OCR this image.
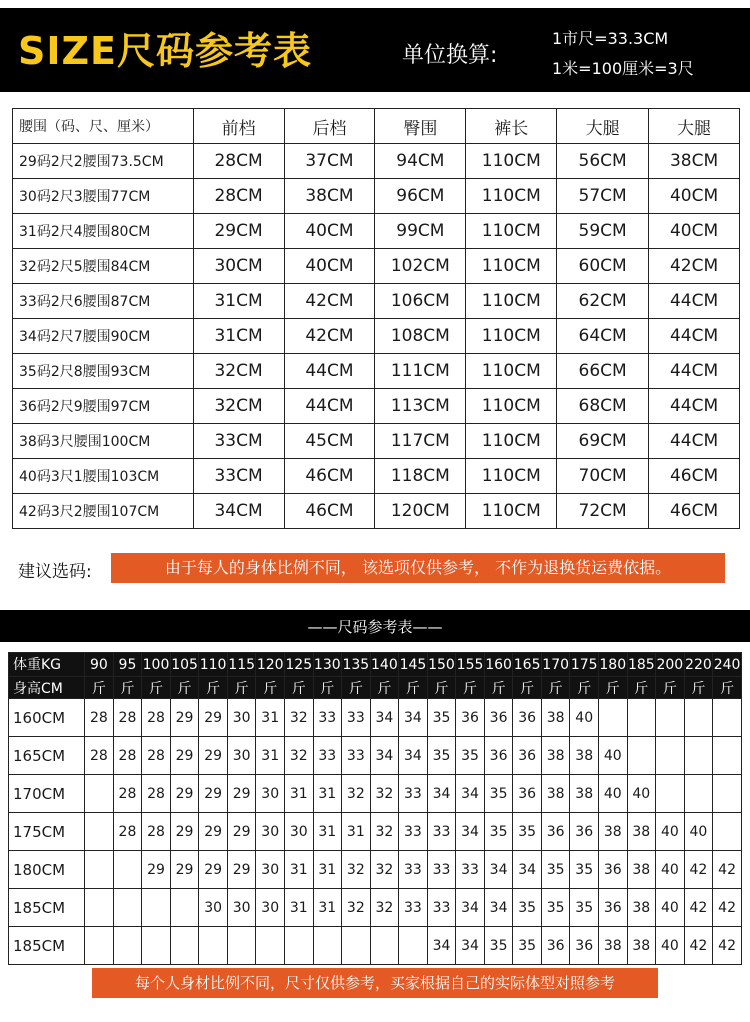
SIZE尺码参考表	单位换算:
1市尺=33.3CM
1米=100厘米=3尺
腰围（码、尺、厘米）	前档	后档	臀围	裤长	大腿	大腿
29码2尺2腰围73.5CM	28CM	37CM	94CM	110CM	56CM	38CM
30码2尺3腰围77CM	28CM	38CM	96CM	110CM	57CM	40CM
31码2尺4腰围80CM	29CM	40CM	99CM	110CM	59CM	40CM
32码2尺5腰围84CM	30CM	40CM	102CM	110CM	60CM	42CM
33码2尺6腰围87CM	31CM	42CM	106CM	110CM	62CM	44CM
34码2尺7腰围90CM	31CM	42CM	108CM	110CM	64CM	44CM
35码2尺8腰围93CM	32CM	44CM	111CM	110CM	66CM	44CM
36码2尺9腰围97CM	32CM	44CM	113CM	110CM	68CM	44CM
38码3尺腰围100CM	33CM	45CM	117CM	110CM	69CM	44CM
40码3尺1腰围103CM	33CM	46CM	118CM	110CM	70CM	46CM
42码3尺2腰围107CM	34CM	46CM	120CM	110CM	72CM	46CM
建议选码:	由于每人的身体比例不同， 该选项仅供参考， 不作为退换货运费依据。
——尺码参考表——
体重KG	90	95	100	105	110	115	120	125	130	135	140	145	150	155	160	165	170	175	180	185	200	220	240
身高CM	斤	斤	斤	斤	斤	斤	斤	斤	斤	斤	斤	斤	斤	斤	斤	斤	斤	斤	斤	斤	斤	斤	斤
160CM	28	28	28	29	29	30	31	32	33	33	34	34	35	36	36	36	38	40					
165CM	28	28	28	29	29	30	31	32	33	33	34	34	35	35	36	36	38	38	40				
170CM		28	28	29	29	29	30	31	31	32	32	33	34	34	35	36	38	38	40	40			
175CM		28	28	29	29	29	30	30	31	31	32	33	33	34	35	35	36	36	38	38	40	40	
180CM			29	29	29	29	30	31	31	32	32	33	33	33	34	34	35	35	36	38	40	42	42
185CM					30	30	30	31	31	32	32	33	33	34	34	35	35	35	36	38	40	42	42
185CM													34	34	35	35	36	36	38	38	40	42	42
每个人身材比例不同，尺寸仅供参考，买家根据自己的实际体型对照参考
